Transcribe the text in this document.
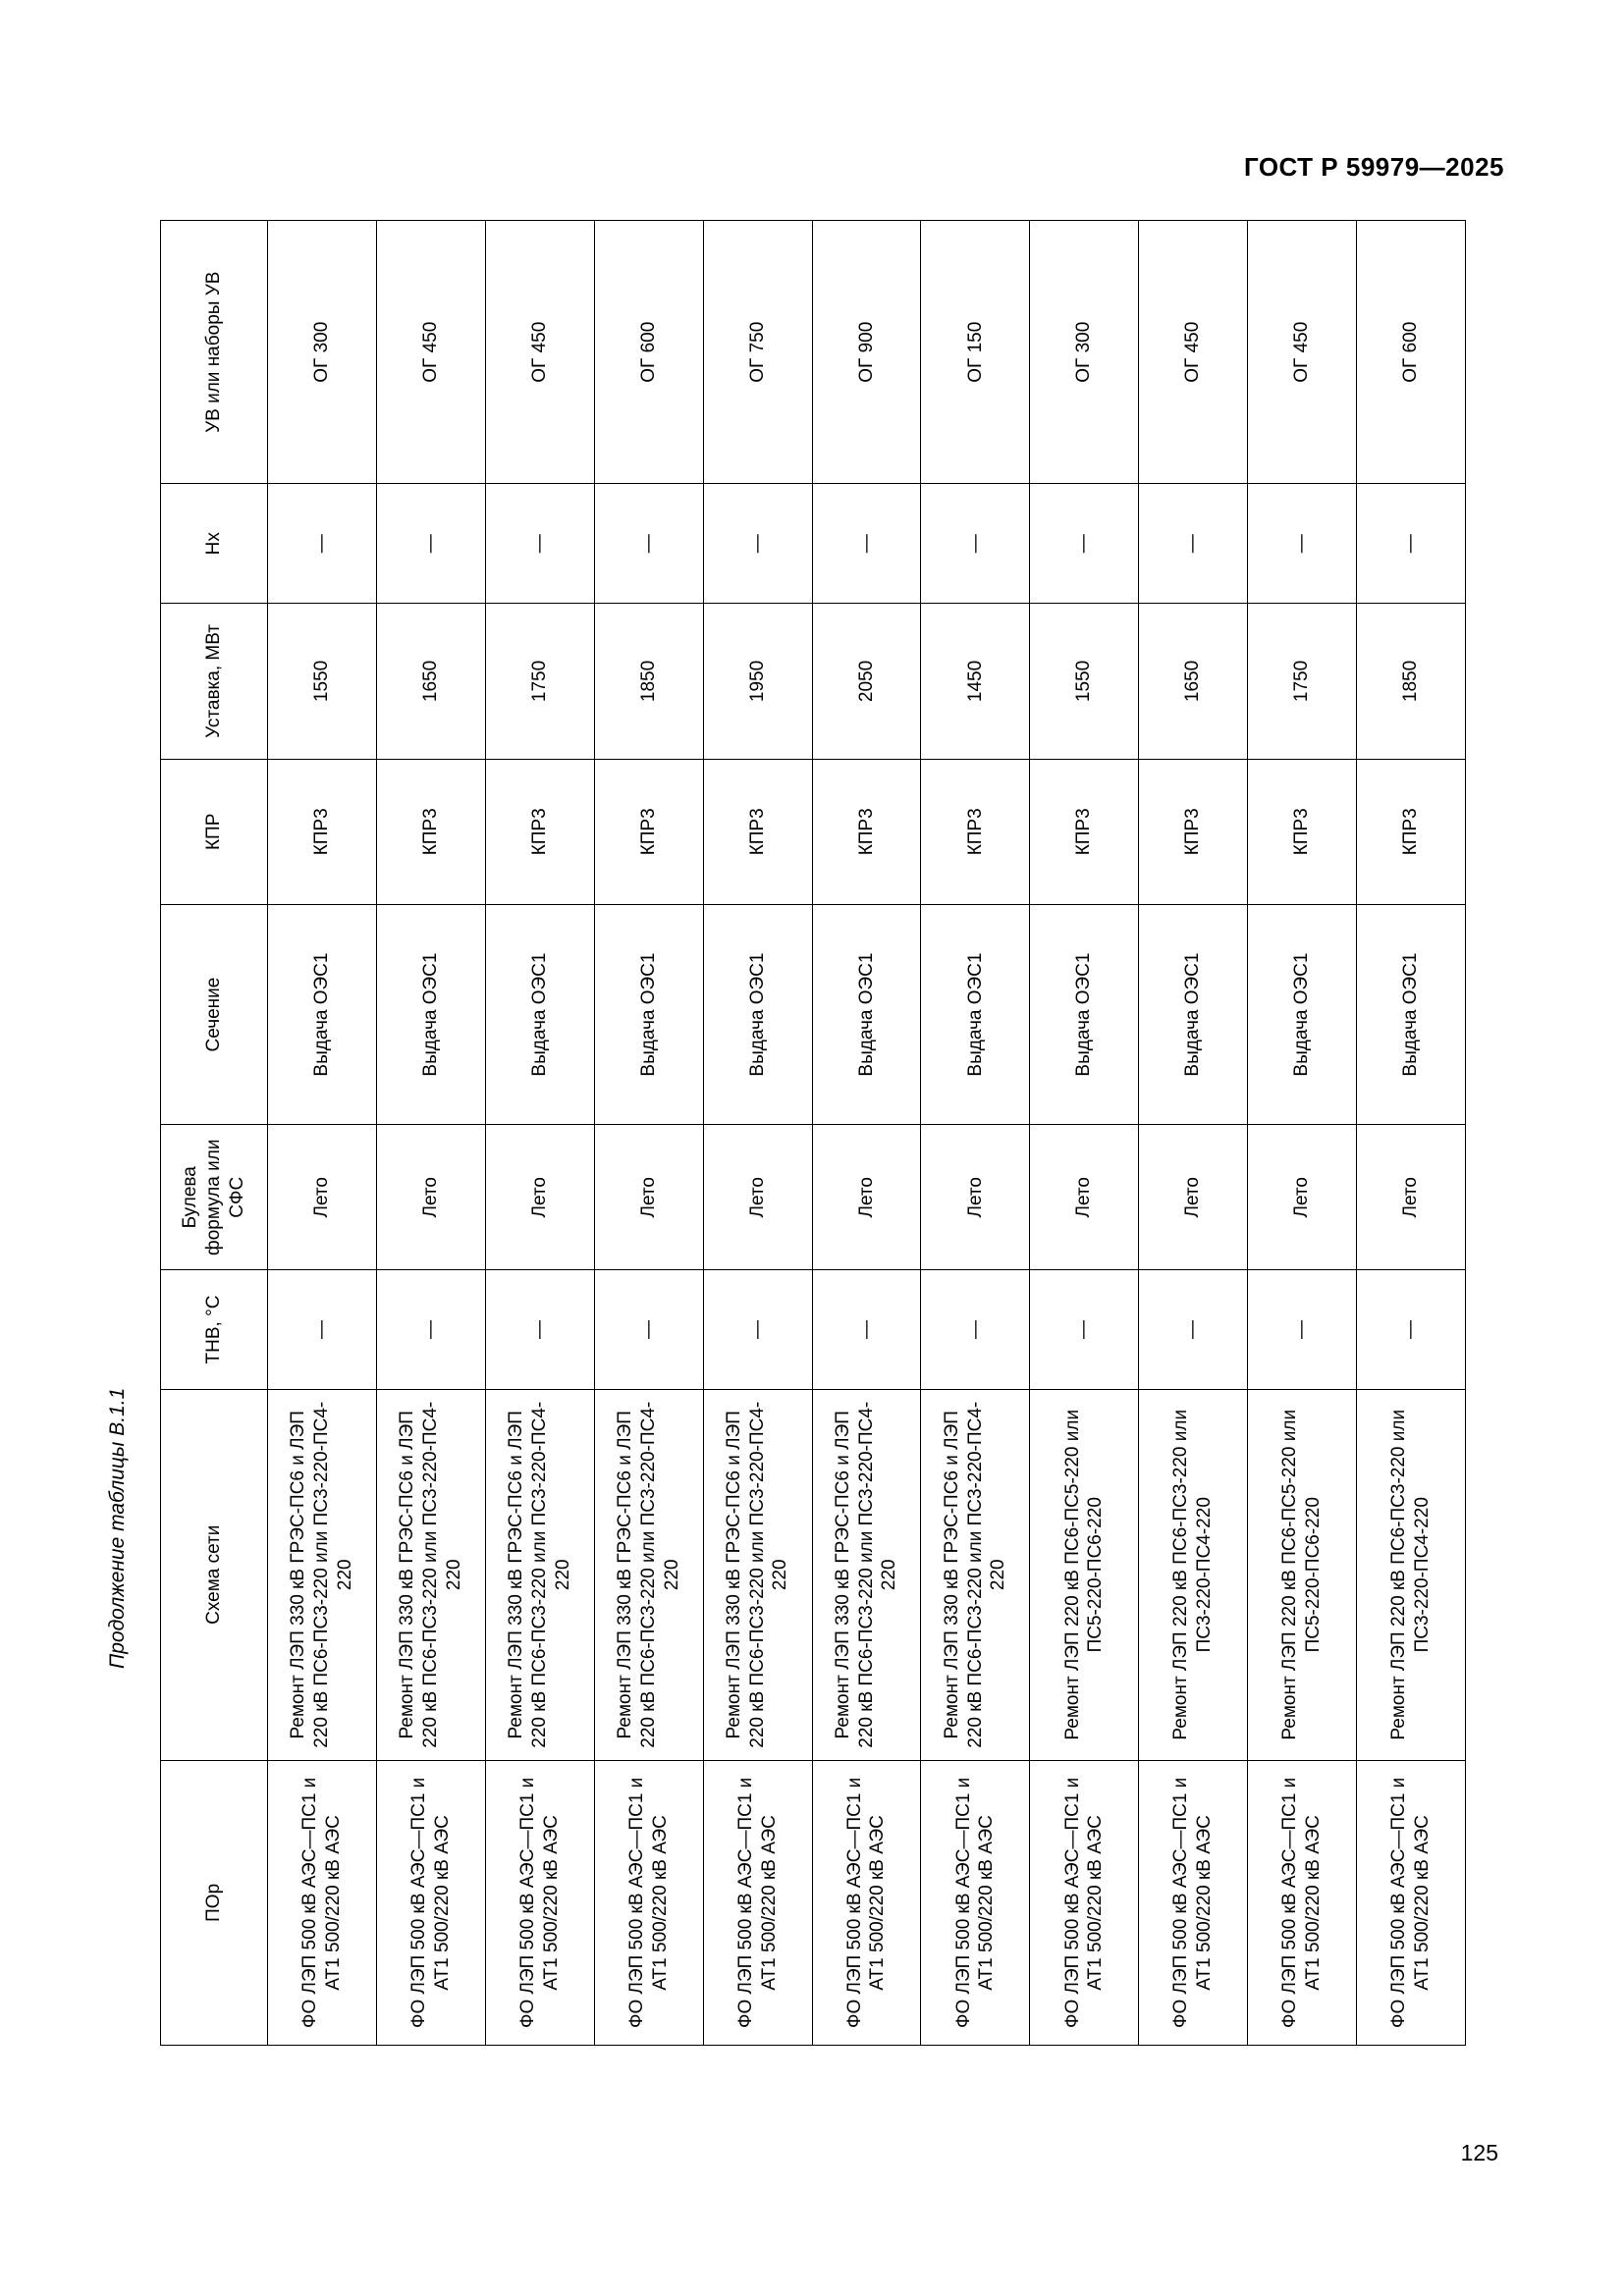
ГОСТ Р 59979—2025
Продолжение таблицы В.1.1
ПОр	Схема сети	ТНВ, °С	Булева формула или СФС	Сечение	КПР	Уставка, МВт	Нх	УВ или наборы УВ
ФО ЛЭП 500 кВ АЭС—ПС1 и АТ1 500/220 кВ АЭС	Ремонт ЛЭП 330 кВ ГРЭС-ПС6 и ЛЭП 220 кВ ПС6-ПС3-220 или ПС3-220-ПС4-220	—	Лето	Выдача ОЭС1	КПР3	1550	—	ОГ 300
ФО ЛЭП 500 кВ АЭС—ПС1 и АТ1 500/220 кВ АЭС	Ремонт ЛЭП 330 кВ ГРЭС-ПС6 и ЛЭП 220 кВ ПС6-ПС3-220 или ПС3-220-ПС4-220	—	Лето	Выдача ОЭС1	КПР3	1650	—	ОГ 450
ФО ЛЭП 500 кВ АЭС—ПС1 и АТ1 500/220 кВ АЭС	Ремонт ЛЭП 330 кВ ГРЭС-ПС6 и ЛЭП 220 кВ ПС6-ПС3-220 или ПС3-220-ПС4-220	—	Лето	Выдача ОЭС1	КПР3	1750	—	ОГ 450
ФО ЛЭП 500 кВ АЭС—ПС1 и АТ1 500/220 кВ АЭС	Ремонт ЛЭП 330 кВ ГРЭС-ПС6 и ЛЭП 220 кВ ПС6-ПС3-220 или ПС3-220-ПС4-220	—	Лето	Выдача ОЭС1	КПР3	1850	—	ОГ 600
ФО ЛЭП 500 кВ АЭС—ПС1 и АТ1 500/220 кВ АЭС	Ремонт ЛЭП 330 кВ ГРЭС-ПС6 и ЛЭП 220 кВ ПС6-ПС3-220 или ПС3-220-ПС4-220	—	Лето	Выдача ОЭС1	КПР3	1950	—	ОГ 750
ФО ЛЭП 500 кВ АЭС—ПС1 и АТ1 500/220 кВ АЭС	Ремонт ЛЭП 330 кВ ГРЭС-ПС6 и ЛЭП 220 кВ ПС6-ПС3-220 или ПС3-220-ПС4-220	—	Лето	Выдача ОЭС1	КПР3	2050	—	ОГ 900
ФО ЛЭП 500 кВ АЭС—ПС1 и АТ1 500/220 кВ АЭС	Ремонт ЛЭП 330 кВ ГРЭС-ПС6 и ЛЭП 220 кВ ПС6-ПС3-220 или ПС3-220-ПС4-220	—	Лето	Выдача ОЭС1	КПР3	1450	—	ОГ 150
ФО ЛЭП 500 кВ АЭС—ПС1 и АТ1 500/220 кВ АЭС	Ремонт ЛЭП 220 кВ ПС6-ПС5-220 или ПС5-220-ПС6-220	—	Лето	Выдача ОЭС1	КПР3	1550	—	ОГ 300
ФО ЛЭП 500 кВ АЭС—ПС1 и АТ1 500/220 кВ АЭС	Ремонт ЛЭП 220 кВ ПС6-ПС3-220 или ПС3-220-ПС4-220	—	Лето	Выдача ОЭС1	КПР3	1650	—	ОГ 450
ФО ЛЭП 500 кВ АЭС—ПС1 и АТ1 500/220 кВ АЭС	Ремонт ЛЭП 220 кВ ПС6-ПС5-220 или ПС5-220-ПС6-220	—	Лето	Выдача ОЭС1	КПР3	1750	—	ОГ 450
ФО ЛЭП 500 кВ АЭС—ПС1 и АТ1 500/220 кВ АЭС	Ремонт ЛЭП 220 кВ ПС6-ПС3-220 или ПС3-220-ПС4-220	—	Лето	Выдача ОЭС1	КПР3	1850	—	ОГ 600
125
